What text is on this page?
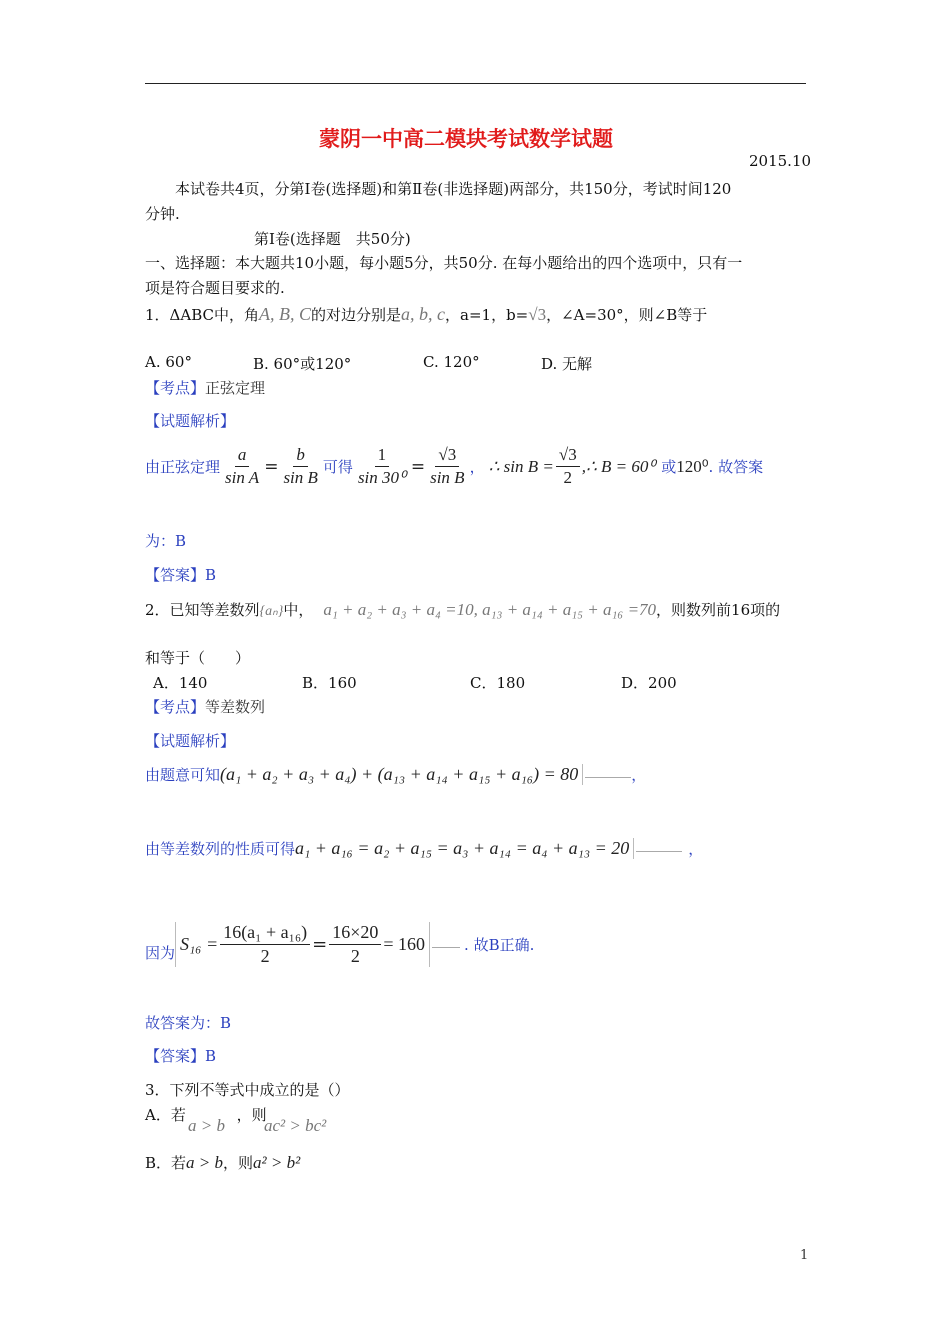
蒙阴一中高二模块考试数学试题
2015.10
本试卷共4页，分第Ⅰ卷(选择题)和第Ⅱ卷(非选择题)两部分，共150分，考试时间120
分钟.
第Ⅰ卷(选择题　共50分)
一、选择题：本大题共10小题，每小题5分，共50分. 在每小题给出的四个选项中，只有一
项是符合题目要求的.
1．ΔABC中，角A, B, C的对边分别是a, b, c，a=1，b=√3，∠A=30°，则∠B等于
A. 60°	B. 60°或120°	C. 120°	D. 无解
【考点】正弦定理
【试题解析】
由正弦定理 $\frac{a}{\text{sin A}} = \frac{b}{\text{sin B}}$ 可得 $\frac{1}{\text{sin 30⁰}} = \frac{√3}{\text{sin B}}$ ， ∴ $\sin B = \frac{√3}{2}$ ,∴ B = 60⁰ 或 120⁰ . 故答案
为：B
【答案】B
2．已知等差数列{aₙ}中， a₁ + a₂ + a₃ + a₄ =10, a₁₃ + a₁₄ + a₁₅ + a₁₆ =70，则数列前16项的
和等于（　　）
A．140	B．160	C．180	D．200
【考点】等差数列
【试题解析】
由题意可知 (a₁ + a₂ + a₃ + a₄) + (a₁₃ + a₁₄ + a₁₅ + a₁₆) = 80	，
由等差数列的性质可得 a₁ + a₁₆ = a₂ + a₁₅ = a₃ + a₁₄ = a₄ + a₁₃ = 20	，
因为 $S_{16} = \frac{\text{16(a₁ + a₁₆)}}{2} = \frac{16\times 20}{2} = 160$	. 故B正确.
故答案为：B
【答案】B
3．下列不等式中成立的是（）
A．若
a > b
，则
ac² > bc²
B．若a > b，则a² > b²
1
